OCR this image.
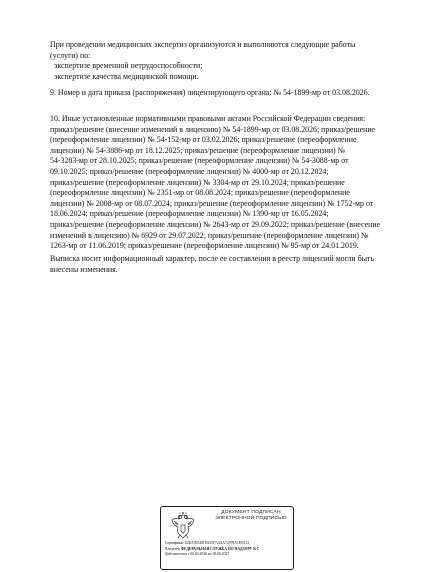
При проведении медицинских экспертиз организуются и выполняются следующие работы
(услуги) по:
экспертизе временной нетрудоспособности;
экспертизе качества медицинской помощи.
9. Номер и дата приказа (распоряжения) лицензирующего органа: № 54-1899-мр от 03.08.2026.
10. Иные установленные нормативными правовыми актами Российской Федерации сведения:
приказ/решение (внесение изменений в лицензию) № 54-1899-мр от 03.08.2026; приказ/решение
(переоформление лицензии) № 54-152-мр от 03.02.2026; приказ/решение (переоформление
лицензии) № 54-3886-мр от 18.12.2025; приказ/решение (переоформление лицензии) №
54-3283-мр от 28.10.2025; приказ/решение (переоформление лицензии) № 54-3088-мр от
09.10.2025; приказ/решение (переоформление лицензии) № 4000-мр от 20.12.2024;
приказ/решение (переоформление лицензии) № 3304-мр от 29.10.2024; приказ/решение
(переоформление лицензии) № 2351-мр от 08.08.2024; приказ/решение (переоформление
лицензии) № 2008-мр от 08.07.2024; приказ/решение (переоформление лицензии) № 1752-мр от
18.06.2024; приказ/решение (переоформление лицензии) № 1390-мр от 16.05.2024;
приказ/решение (переоформление лицензии) № 2643-мр от 29.09.2022; приказ/решение (внесение
изменений в лицензию) № 6929 от 29.07.2022; приказ/решение (переоформление лицензии) №
1263-мр от 11.06.2019; приказ/решение (переоформление лицензии) № 95-мр от 24.01.2019.
Выписка носит информационный характер, после ее составления в реестр лицензий могли быть
внесены изменения.
ДОКУМЕНТ ПОДПИСАН
ЭЛЕКТРОННОЙ ПОДПИСЬЮ
Сертификат E2EA5954818A35F7222A72978A1E0A12
Владелец ФЕДЕРАЛЬНАЯ СЛУЖБА ПО НАДЗОРУ В С
Действителен с 06.04.2026 по 30.06.2027
